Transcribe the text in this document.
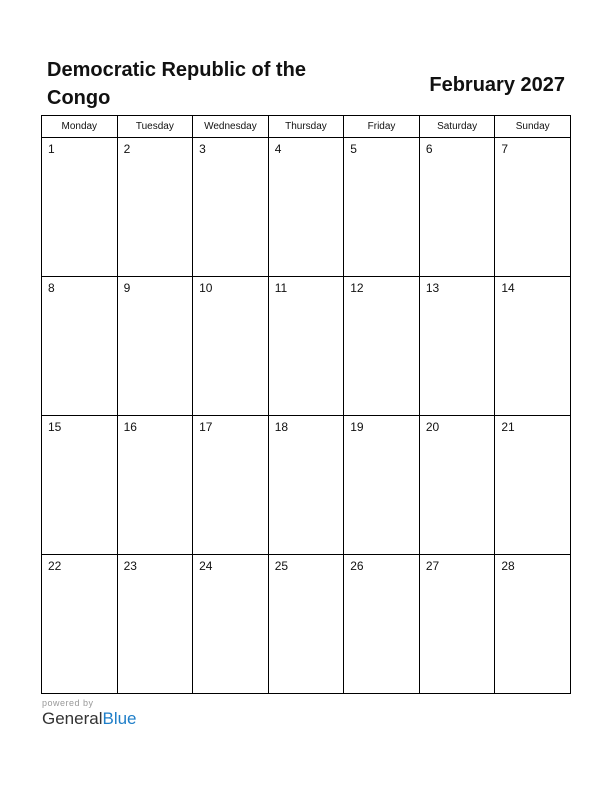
Democratic Republic of the Congo
February 2027
Monday	Tuesday	Wednesday	Thursday	Friday	Saturday	Sunday

1	2	3	4	5	6	7

8	9	10	11	12	13	14

15	16	17	18	19	20	21

22	23	24	25	26	27	28
powered by
GeneralBlue
